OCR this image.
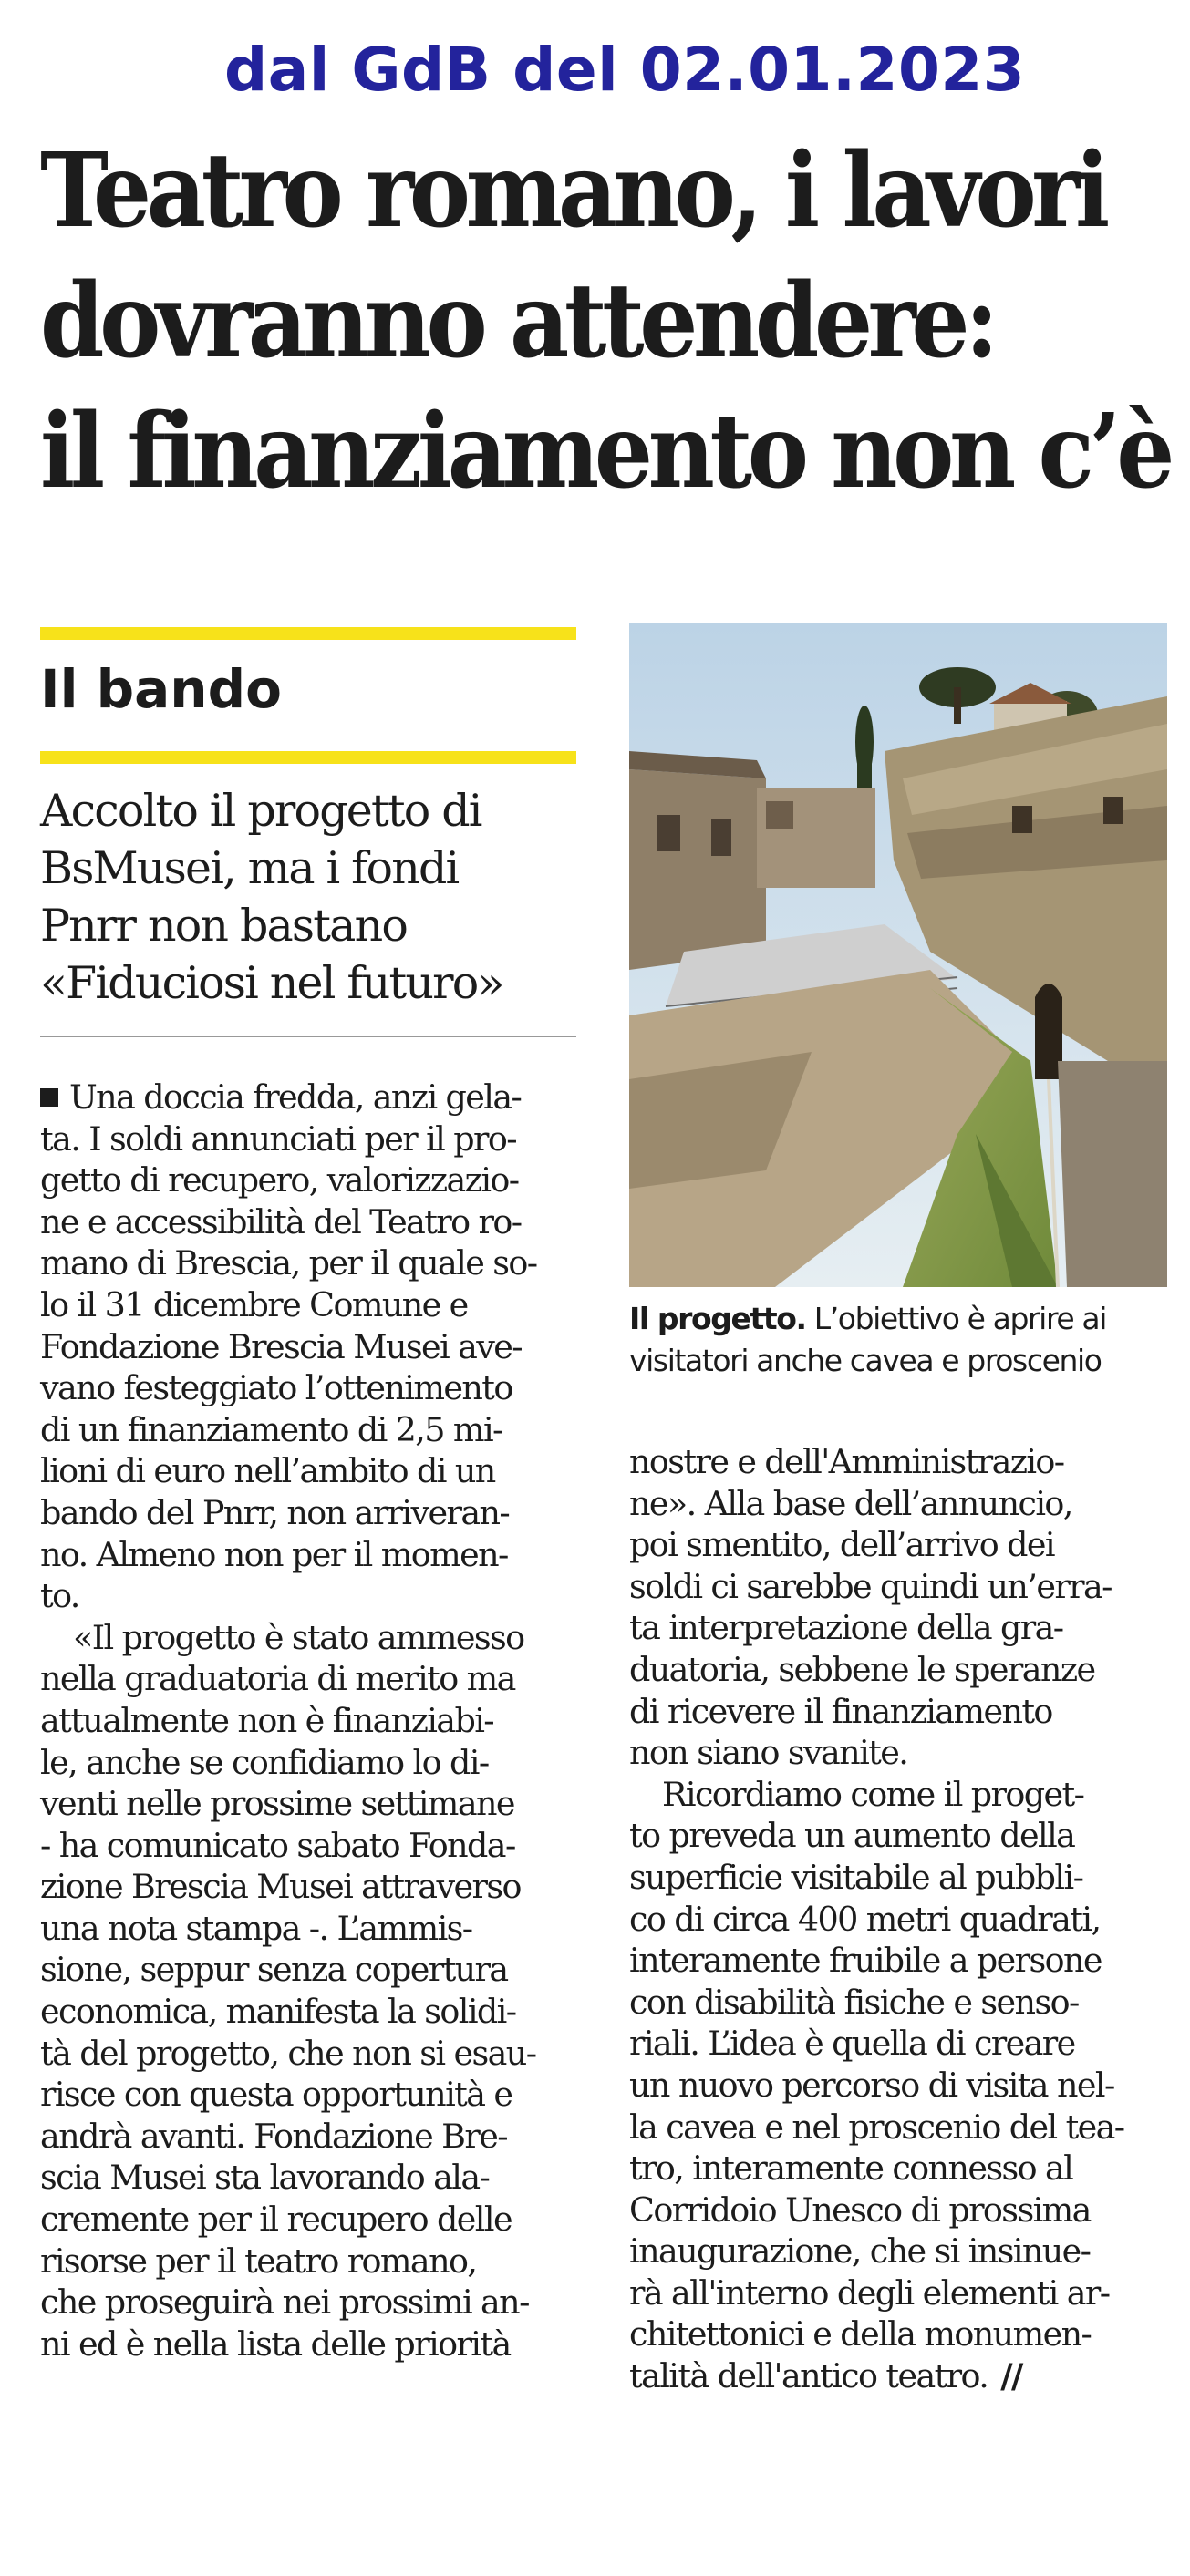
dal GdB del 02.01.2023
Teatro romano, i lavori
dovranno attendere:
il finanziamento non c’è
Il bando
Accolto il progetto di
BsMusei, ma i fondi
Pnrr non bastano
«Fiduciosi nel futuro»
Il progetto. L’obiettivo è aprire ai
visitatori anche cavea e proscenio
Una doccia fredda, anzi gela-
ta. I soldi annunciati per il pro-
getto di recupero, valorizzazio-
ne e accessibilità del Teatro ro-
mano di Brescia, per il quale so-
lo il 31 dicembre Comune e
Fondazione Brescia Musei ave-
vano festeggiato l’ottenimento
di un finanziamento di 2,5 mi-
lioni di euro nell’ambito di un
bando del Pnrr, non arriveran-
no. Almeno non per il momen-
to.
«Il progetto è stato ammesso
nella graduatoria di merito ma
attualmente non è finanziabi-
le, anche se confidiamo lo di-
venti nelle prossime settimane
- ha comunicato sabato Fonda-
zione Brescia Musei attraverso
una nota stampa -. L’ammis-
sione, seppur senza copertura
economica, manifesta la solidi-
tà del progetto, che non si esau-
risce con questa opportunità e
andrà avanti. Fondazione Bre-
scia Musei sta lavorando ala-
cremente per il recupero delle
risorse per il teatro romano,
che proseguirà nei prossimi an-
ni ed è nella lista delle priorità
nostre e dell'Amministrazio-
ne». Alla base dell’annuncio,
poi smentito, dell’arrivo dei
soldi ci sarebbe quindi un’erra-
ta interpretazione della gra-
duatoria, sebbene le speranze
di ricevere il finanziamento
non siano svanite.
Ricordiamo come il proget-
to preveda un aumento della
superficie visitabile al pubbli-
co di circa 400 metri quadrati,
interamente fruibile a persone
con disabilità fisiche e senso-
riali. L’idea è quella di creare
un nuovo percorso di visita nel-
la cavea e nel proscenio del tea-
tro, interamente connesso al
Corridoio Unesco di prossima
inaugurazione, che si insinue-
rà all'interno degli elementi ar-
chitettonici e della monumen-
talità dell'antico teatro. //
